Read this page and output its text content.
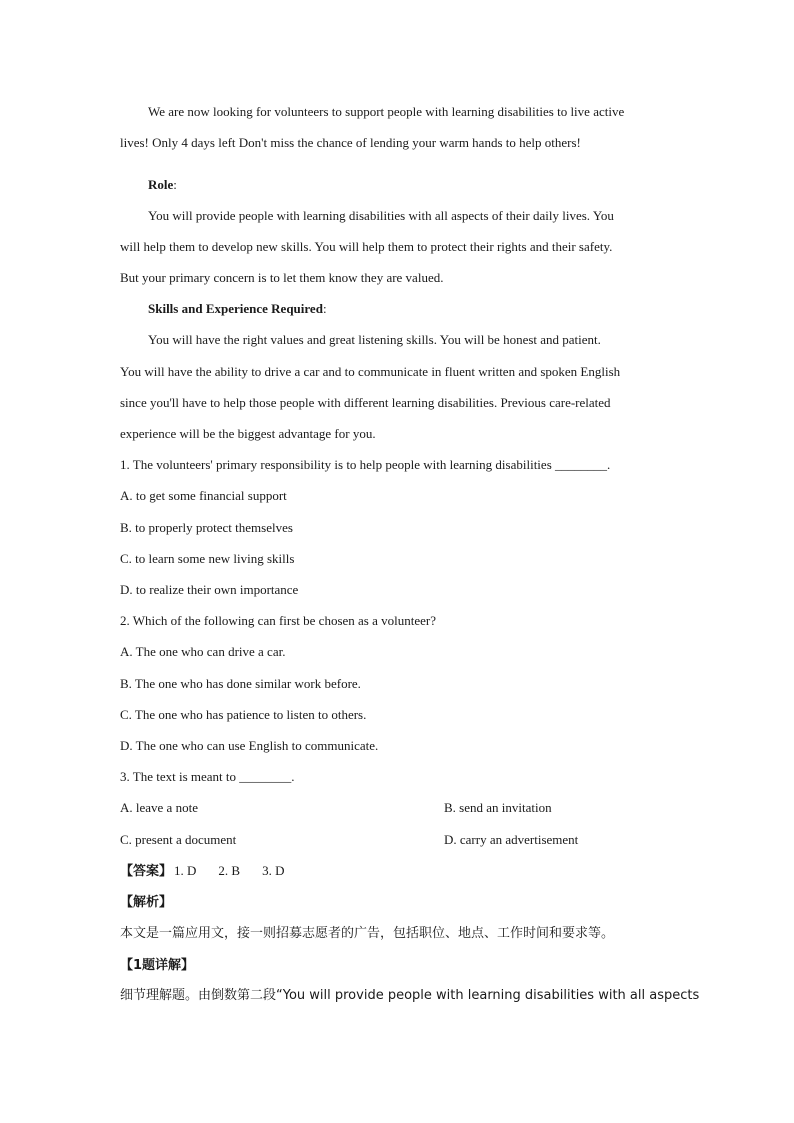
We are now looking for volunteers to support people with learning disabilities to live active
lives! Only 4 days left Don't miss the chance of lending your warm hands to help others!
Role:
You will provide people with learning disabilities with all aspects of their daily lives. You
will help them to develop new skills. You will help them to protect their rights and their safety.
But your primary concern is to let them know they are valued.
Skills and Experience Required:
You will have the right values and great listening skills. You will be honest and patient.
You will have the ability to drive a car and to communicate in fluent written and spoken English
since you'll have to help those people with different learning disabilities. Previous care-related
experience will be the biggest advantage for you.
1. The volunteers' primary responsibility is to help people with learning disabilities ________.
A. to get some financial support
B. to properly protect themselves
C. to learn some new living skills
D. to realize their own importance
2. Which of the following can first be chosen as a volunteer?
A. The one who can drive a car.
B. The one who has done similar work before.
C. The one who has patience to listen to others.
D. The one who can use English to communicate.
3. The text is meant to ________.
A. leave a note	B. send an invitation
C. present a document	D. carry an advertisement
【答案】 1. D 2. B 3. D
【解析】
本文是一篇应用文，接一则招募志愿者的广告，包括职位、地点、工作时间和要求等。
【1题详解】
细节理解题。由倒数第二段“You will provide people with learning disabilities with all aspects
